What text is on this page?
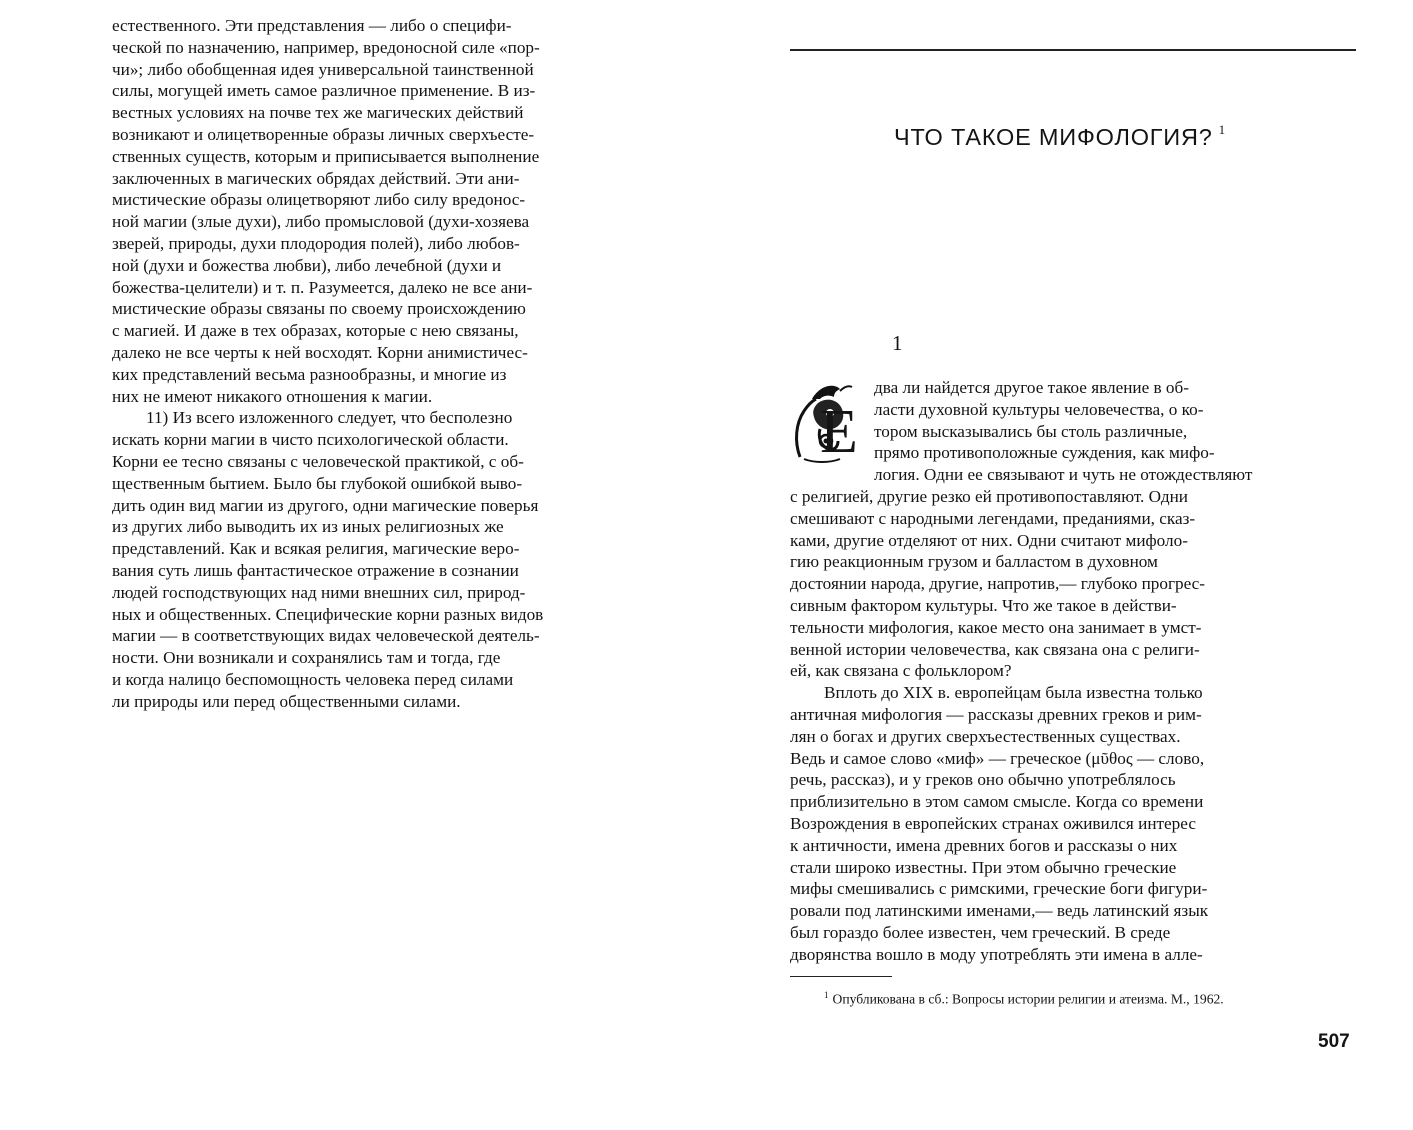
естественного. Эти представления — либо о специфи-
ческой по назначению, например, вредоносной силе «пор-
чи»; либо обобщенная идея универсальной таинственной
силы, могущей иметь самое различное применение. В из-
вестных условиях на почве тех же магических действий
возникают и олицетворенные образы личных сверхъесте-
ственных существ, которым и приписывается выполнение
заключенных в магических обрядах действий. Эти ани-
мистические образы олицетворяют либо силу вредонос-
ной магии (злые духи), либо промысловой (духи-хозяева
зверей, природы, духи плодородия полей), либо любов-
ной (духи и божества любви), либо лечебной (духи и
божества-целители) и т. п. Разумеется, далеко не все ани-
мистические образы связаны по своему происхождению
с магией. И даже в тех образах, которые с нею связаны,
далеко не все черты к ней восходят. Корни анимистичес-
ких представлений весьма разнообразны, и многие из
них не имеют никакого отношения к магии.

11) Из всего изложенного следует, что бесполезно
искать корни магии в чисто психологической области.
Корни ее тесно связаны с человеческой практикой, с об-
щественным бытием. Было бы глубокой ошибкой выво-
дить один вид магии из другого, одни магические поверья
из других либо выводить их из иных религиозных же
представлений. Как и всякая религия, магические веро-
вания суть лишь фантастическое отражение в сознании
людей господствующих над ними внешних сил, природ-
ных и общественных. Специфические корни разных видов
магии — в соответствующих видах человеческой деятель-
ности. Они возникали и сохранялись там и тогда, где
и когда налицо беспомощность человека перед силами
ли природы или перед общественными силами.

ЧТО ТАКОЕ МИФОЛОГИЯ? $^1$
1
Е

два ли найдется другое такое явление в об-
ласти духовной культуры человечества, о ко-
тором высказывались бы столь различные,
прямо противоположные суждения, как мифо-
логия. Одни ее связывают и чуть не отождествляют
с религией, другие резко ей противопоставляют. Одни
смешивают с народными легендами, преданиями, сказ-
ками, другие отделяют от них. Одни считают мифоло-
гию реакционным грузом и балластом в духовном
достоянии народа, другие, напротив,— глубоко прогрес-
сивным фактором культуры. Что же такое в действи-
тельности мифология, какое место она занимает в умст-
венной истории человечества, как связана она с религи-
ей, как связана с фольклором?

Вплоть до XIX в. европейцам была известна только
античная мифология — рассказы древних греков и рим-
лян о богах и других сверхъестественных существах.
Ведь и самое слово «миф» — греческое (μῦθος — слово,
речь, рассказ), и у греков оно обычно употреблялось
приблизительно в этом самом смысле. Когда со времени
Возрождения в европейских странах оживился интерес
к античности, имена древних богов и рассказы о них
стали широко известны. При этом обычно греческие
мифы смешивались с римскими, греческие боги фигури-
ровали под латинскими именами,— ведь латинский язык
был гораздо более известен, чем греческий. В среде
дворянства вошло в моду употреблять эти имена в алле-

$^1$ Опубликована в сб.: Вопросы истории религии и атеизма. М., 1962.
507
